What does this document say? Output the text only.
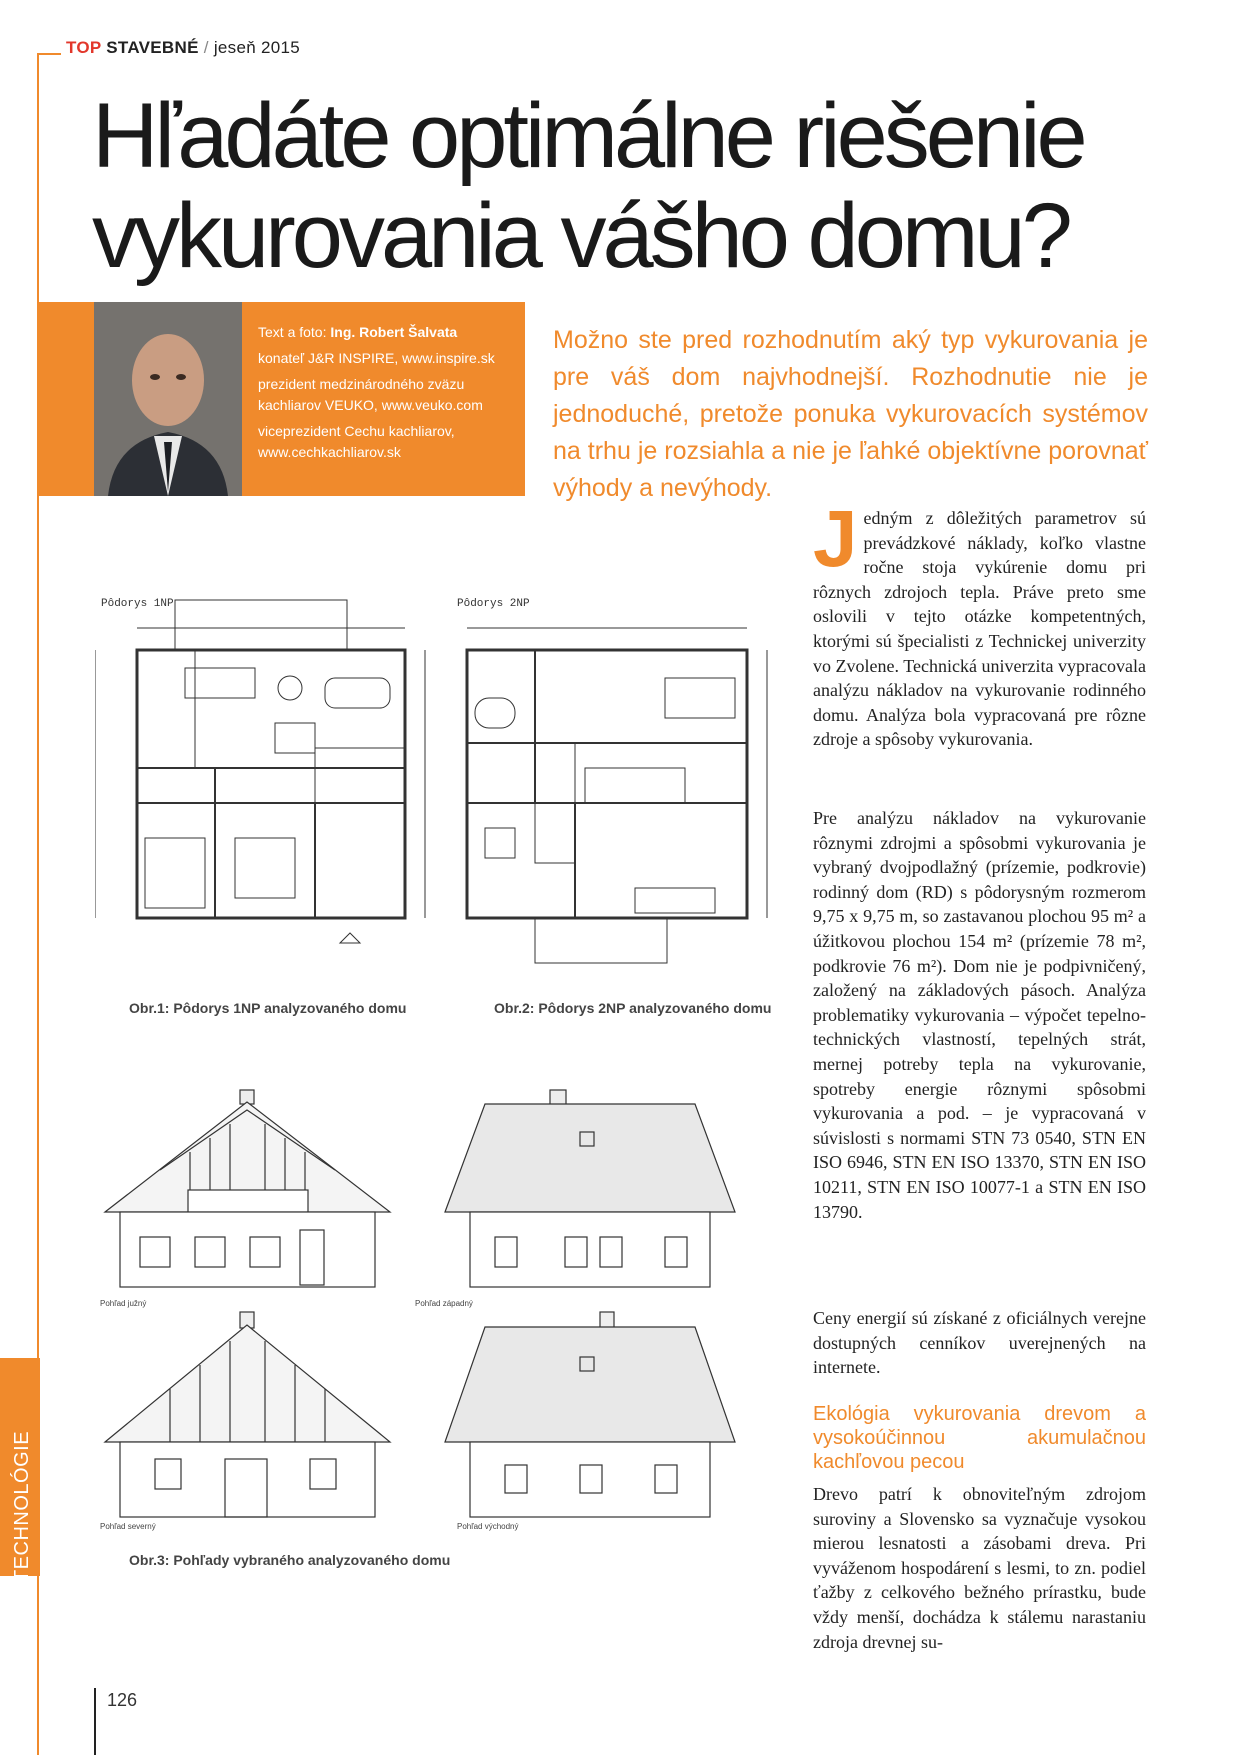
TOP STAVEBNÉ / jeseň 2015
Hľadáte optimálne riešenie
vykurovania vášho domu?

Text a foto: Ing. Robert Šalvata

konateľ J&R INSPIRE, www.inspire.sk

prezident medzinárodného zväzu kachliarov VEUKO, www.veuko.com

viceprezident Cechu kachliarov, www.cechkachliarov.sk

Možno ste pred rozhodnutím aký typ vykurovania je pre váš dom najvhodnejší. Rozhodnutie nie je jednoduché, pretože ponuka vykurovacích systémov na trhu je rozsiahla a nie je ľahké objektívne porovnať výhody a nevýhody.
J edným z dôležitých parametrov sú prevádzkové náklady, koľko vlastne ročne stoja vykúrenie domu pri rôznych zdrojoch tepla. Práve preto sme oslovili v tejto otázke kompetentných, ktorými sú špecialisti z Technickej univerzity vo Zvolene. Technická univerzita vypracovala analýzu nákladov na vykurovanie rodinného domu. Analýza bola vypracovaná pre rôzne zdroje a spôsoby vykurovania.
Pre analýzu nákladov na vykurovanie rôznymi zdrojmi a spôsobmi vykurovania je vybraný dvojpodlažný (prízemie, podkrovie) rodinný dom (RD) s pôdorysným rozmerom 9,75 x 9,75 m, so zastavanou plochou 95 m² a úžitkovou plochou 154 m² (prízemie 78 m², podkrovie 76 m²). Dom nie je podpivničený, založený na základových pásoch. Analýza problematiky vykurovania – výpočet tepelno-technických vlastností, tepelných strát, mernej potreby tepla na vykurovanie, spotreby energie rôznymi spôsobmi vykurovania a pod. – je vypracovaná v súvislosti s normami STN 73 0540, STN EN ISO 6946, STN EN ISO 13370, STN EN ISO 10211, STN EN ISO 10077-1 a STN EN ISO 13790.
Ceny energií sú získané z oficiálnych verejne dostupných cenníkov uverejnených na internete.
Ekológia vykurovania drevom a vysokoúčinnou akumulačnou kachľovou pecou
Drevo patrí k obnoviteľným zdrojom suroviny a Slovensko sa vyznačuje vysokou mierou lesnatosti a zásobami dreva. Pri vyváženom hospodárení s lesmi, to zn. podiel ťažby z celkového bežného prírastku, bude vždy menší, dochádza k stálemu narastaniu zdroja drevnej su-
Pôdorys 1NP	Pôdorys 2NP
Obr.1: Pôdorys 1NP analyzovaného domu	Obr.2: Pôdorys 2NP analyzovaného domu
Pohľad južný	Pohľad západný
Pohľad severný	Pohľad východný
Obr.3: Pohľady vybraného analyzovaného domu
TECHNOLÓGIE
126
